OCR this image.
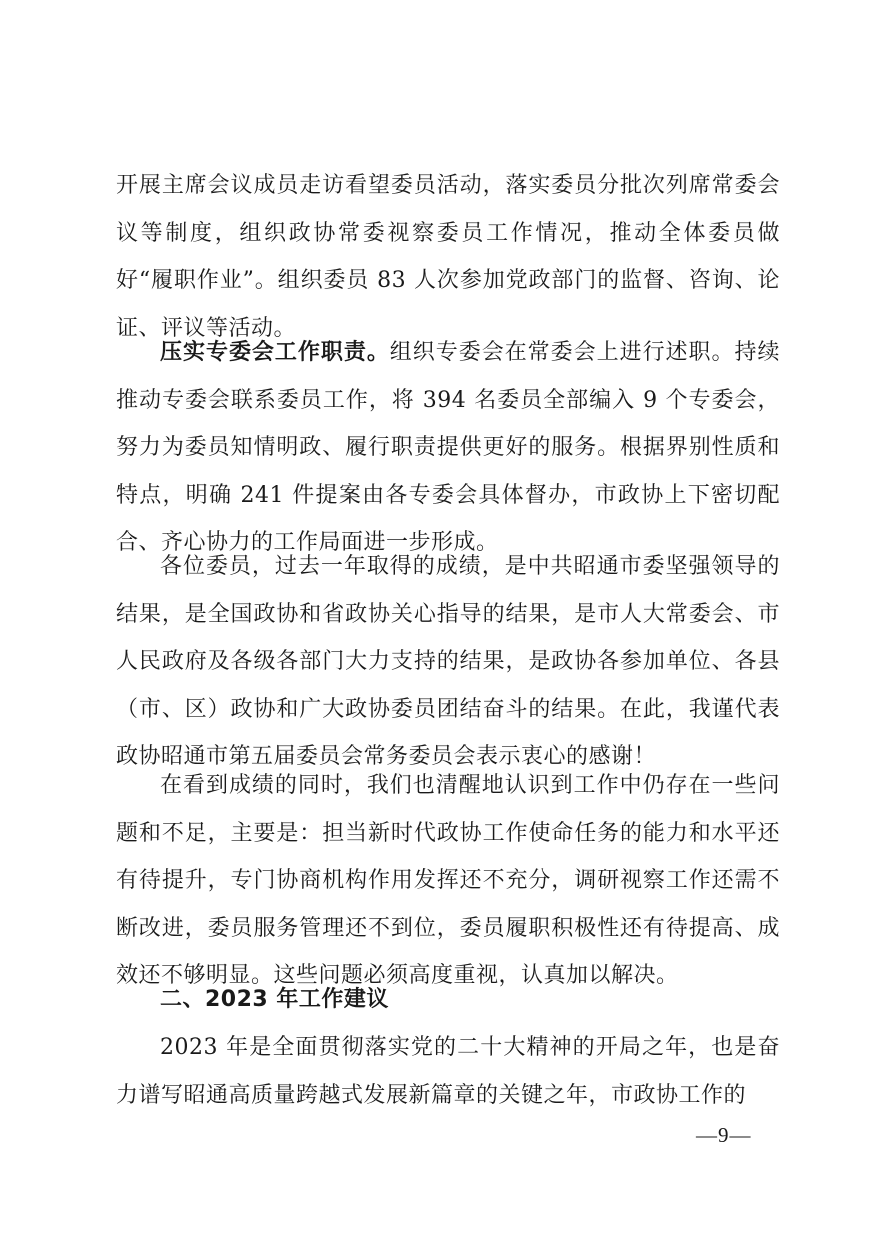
开展主席会议成员走访看望委员活动，落实委员分批次列席常委会议等制度，组织政协常委视察委员工作情况，推动全体委员做好“履职作业”。组织委员 83 人次参加党政部门的监督、咨询、论证、评议等活动。

压实专委会工作职责。组织专委会在常委会上进行述职。持续推动专委会联系委员工作，将 394 名委员全部编入 9 个专委会，努力为委员知情明政、履行职责提供更好的服务。根据界别性质和特点，明确 241 件提案由各专委会具体督办，市政协上下密切配合、齐心协力的工作局面进一步形成。

各位委员，过去一年取得的成绩，是中共昭通市委坚强领导的结果，是全国政协和省政协关心指导的结果，是市人大常委会、市人民政府及各级各部门大力支持的结果，是政协各参加单位、各县（市、区）政协和广大政协委员团结奋斗的结果。在此，我谨代表政协昭通市第五届委员会常务委员会表示衷心的感谢！

在看到成绩的同时，我们也清醒地认识到工作中仍存在一些问题和不足，主要是：担当新时代政协工作使命任务的能力和水平还有待提升，专门协商机构作用发挥还不充分，调研视察工作还需不断改进，委员服务管理还不到位，委员履职积极性还有待提高、成效还不够明显。这些问题必须高度重视，认真加以解决。

二、2023 年工作建议

2023 年是全面贯彻落实党的二十大精神的开局之年，也是奋力谱写昭通高质量跨越式发展新篇章的关键之年，市政协工作的

—9—
